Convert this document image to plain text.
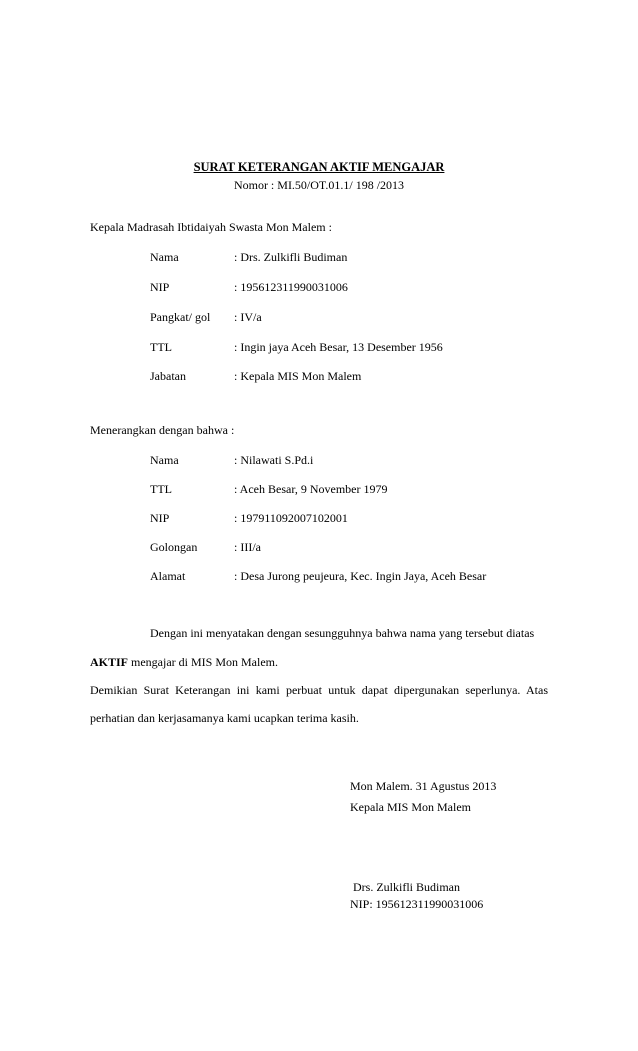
SURAT KETERANGAN AKTIF MENGAJAR
Nomor : MI.50/OT.01.1/ 198 /2013
Kepala Madrasah Ibtidaiyah Swasta Mon Malem :
Nama	: Drs. Zulkifli Budiman
NIP	: 195612311990031006
Pangkat/ gol : IV/a
TTL	: Ingin jaya Aceh Besar, 13 Desember 1956
Jabatan	: Kepala MIS Mon Malem
Menerangkan dengan bahwa :
Nama	: Nilawati S.Pd.i
TTL	: Aceh Besar, 9 November 1979
NIP	: 197911092007102001
Golongan	: III/a
Alamat	: Desa Jurong peujeura, Kec. Ingin Jaya, Aceh Besar
Dengan ini menyatakan dengan sesungguhnya bahwa nama yang tersebut diatas
AKTIF mengajar di MIS Mon Malem.
Demikian Surat Keterangan ini kami perbuat untuk dapat dipergunakan seperlunya. Atas
perhatian dan kerjasamanya kami ucapkan terima kasih.
Mon Malem. 31 Agustus 2013
Kepala MIS Mon Malem
Drs. Zulkifli Budiman
NIP: 195612311990031006
